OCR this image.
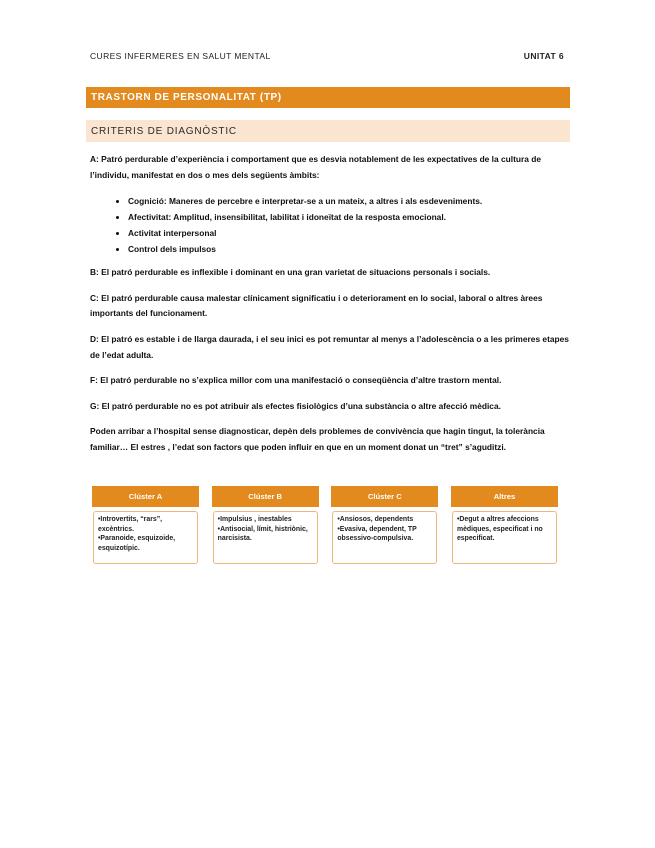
CURES INFERMERES EN SALUT MENTAL	UNITAT 6
TRASTORN DE PERSONALITAT (TP)
CRITERIS DE DIAGNÒSTIC

A: Patró perdurable d’experiència i comportament que es desvia notablement de les expectatives de la cultura de l’individu, manifestat en dos o mes dels següents àmbits:

• Cognició: Maneres de percebre e interpretar-se a un mateix, a altres i als esdeveniments.
• Afectivitat: Amplitud, insensibilitat, labilitat i idoneïtat de la resposta emocional.
• Activitat interpersonal
• Control dels impulsos

B: El patró perdurable es inflexible i dominant en una gran varietat de situacions personals i socials.

C: El patró perdurable causa malestar clínicament significatiu i o deteriorament en lo social, laboral o altres àrees importants del funcionament.

D: El patró es estable i de llarga daurada, i el seu inici es pot remuntar al menys a l’adolescència o a les primeres etapes de l’edat adulta.

F: El patró perdurable no s’explica millor com una manifestació o conseqüència d’altre trastorn mental.

G: El patró perdurable no es pot atribuir als efectes fisiològics d’una substància o altre afecció mèdica.

Poden arribar a l’hospital sense diagnosticar, depèn dels problemes de convivència que hagin tingut, la tolerància familiar… El estres , l’edat son factors que poden influir en que en un moment donat un “tret” s’aguditzi.

Clúster A
•Introvertits, “rars”, excèntrics.
•Paranoide, esquizoide, esquizotípic.
Clúster B
•Impulsius , inestables
•Antisocial, límit, histriònic, narcisista.
Clúster C
•Ansiosos, dependents
•Evasiva, dependent, TP obsessivo-compulsiva.
Altres
•Degut a altres afeccions mèdiques, especificat i no especificat.
